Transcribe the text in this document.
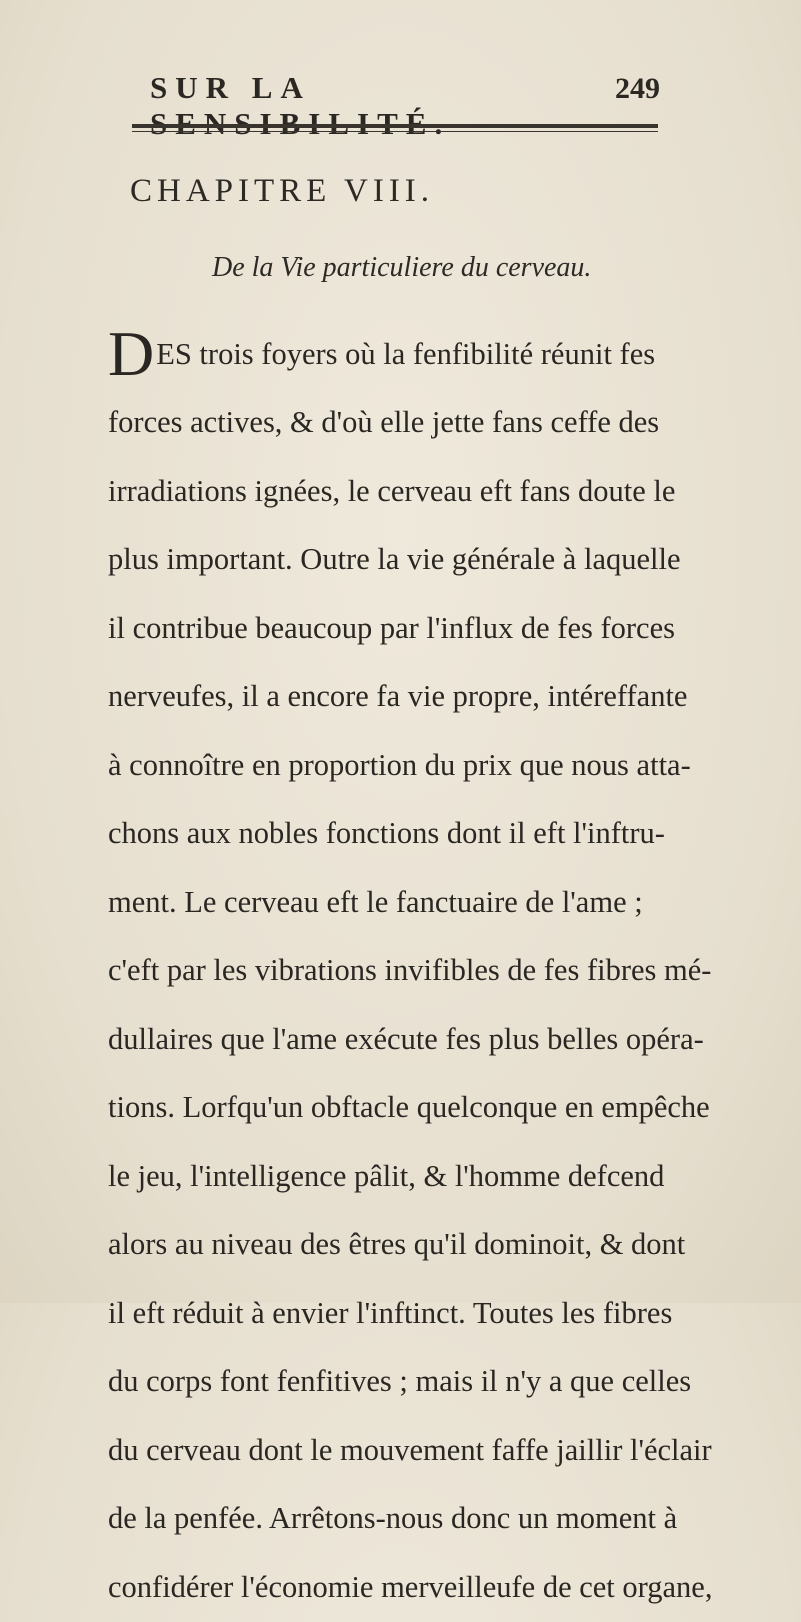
SUR LA	249
CHAPITRE VIII.
De la Vie particuliere du cerveau.
D ES trois foyers où la fenfibilité réunit fes
forces actives, & d'où elle jette fans ceffe des
irradiations ignées, le cerveau eft fans doute le
plus important. Outre la vie générale à laquelle
il contribue beaucoup par l'influx de fes forces
nerveufes, il a encore fa vie propre, intéreffante
à connoître en proportion du prix que nous atta-
chons aux nobles fonctions dont il eft l'inftru-
ment. Le cerveau eft le fanctuaire de l'ame ;
c'eft par les vibrations invifibles de fes fibres mé-
dullaires que l'ame exécute fes plus belles opéra-
tions. Lorfqu'un obftacle quelconque en empêche
le jeu, l'intelligence pâlit, & l'homme defcend
alors au niveau des êtres qu'il dominoit, & dont
il eft réduit à envier l'inftinct. Toutes les fibres
du corps font fenfitives ; mais il n'y a que celles
du cerveau dont le mouvement faffe jaillir l'éclair
de la penfée. Arrêtons-nous donc un moment à
confidérer l'économie merveilleufe de cet organe,
